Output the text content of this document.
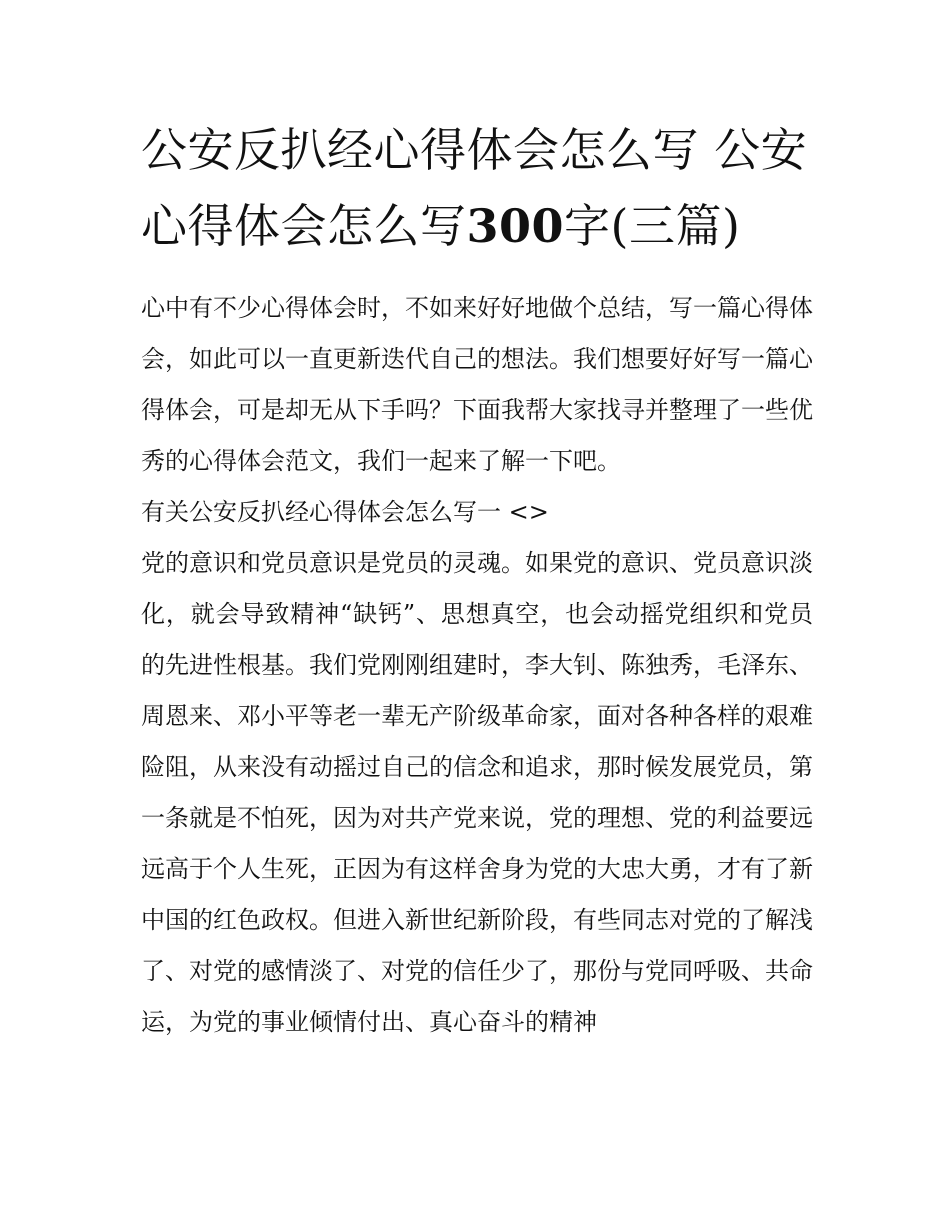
公安反扒经心得体会怎么写 公安心得体会怎么写300字(三篇)

心中有不少心得体会时，不如来好好地做个总结，写一篇心得体会，如此可以一直更新迭代自己的想法。我们想要好好写一篇心得体会，可是却无从下手吗？下面我帮大家找寻并整理了一些优秀的心得体会范文，我们一起来了解一下吧。

有关公安反扒经心得体会怎么写一 <>

党的意识和党员意识是党员的灵魂。如果党的意识、党员意识淡化，就会导致精神“缺钙”、思想真空，也会动摇党组织和党员的先进性根基。我们党刚刚组建时，李大钊、陈独秀，毛泽东、周恩来、邓小平等老一辈无产阶级革命家，面对各种各样的艰难险阻，从来没有动摇过自己的信念和追求，那时候发展党员，第一条就是不怕死，因为对共产党来说，党的理想、党的利益要远远高于个人生死，正因为有这样舍身为党的大忠大勇，才有了新中国的红色政权。但进入新世纪新阶段，有些同志对党的了解浅了、对党的感情淡了、对党的信任少了，那份与党同呼吸、共命运，为党的事业倾情付出、真心奋斗的精神
